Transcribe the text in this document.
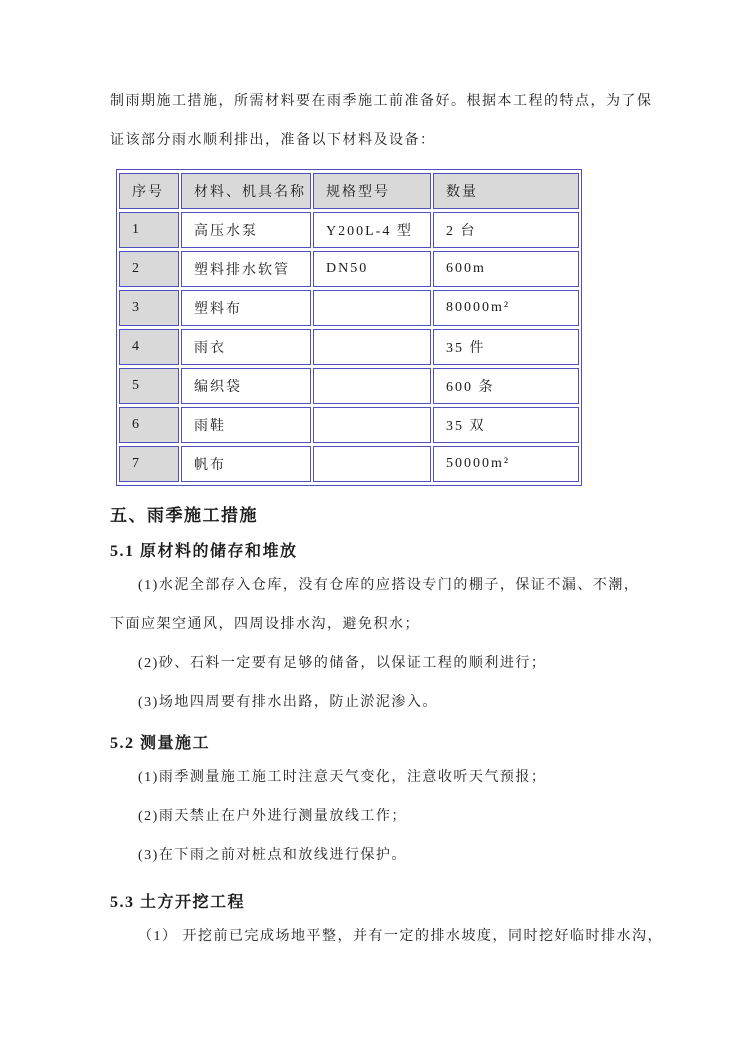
制雨期施工措施，所需材料要在雨季施工前准备好。根据本工程的特点，为了保

证该部分雨水顺利排出，准备以下材料及设备：

序号	材料、机具名称	规格型号	数量
1	高压水泵	Y200L-4 型	2 台
2	塑料排水软管	DN50	600m
3	塑料布		80000m²
4	雨衣		35 件
5	编织袋		600 条
6	雨鞋		35 双
7	帆布		50000m²
五、雨季施工措施
5.1 原材料的储存和堆放

(1)水泥全部存入仓库，没有仓库的应搭设专门的棚子，保证不漏、不潮，

下面应架空通风，四周设排水沟，避免积水；

(2)砂、石料一定要有足够的储备，以保证工程的顺利进行；

(3)场地四周要有排水出路，防止淤泥渗入。

5.2 测量施工

(1)雨季测量施工施工时注意天气变化，注意收听天气预报；

(2)雨天禁止在户外进行测量放线工作；

(3)在下雨之前对桩点和放线进行保护。

5.3 土方开挖工程

（1） 开挖前已完成场地平整，并有一定的排水坡度，同时挖好临时排水沟，
